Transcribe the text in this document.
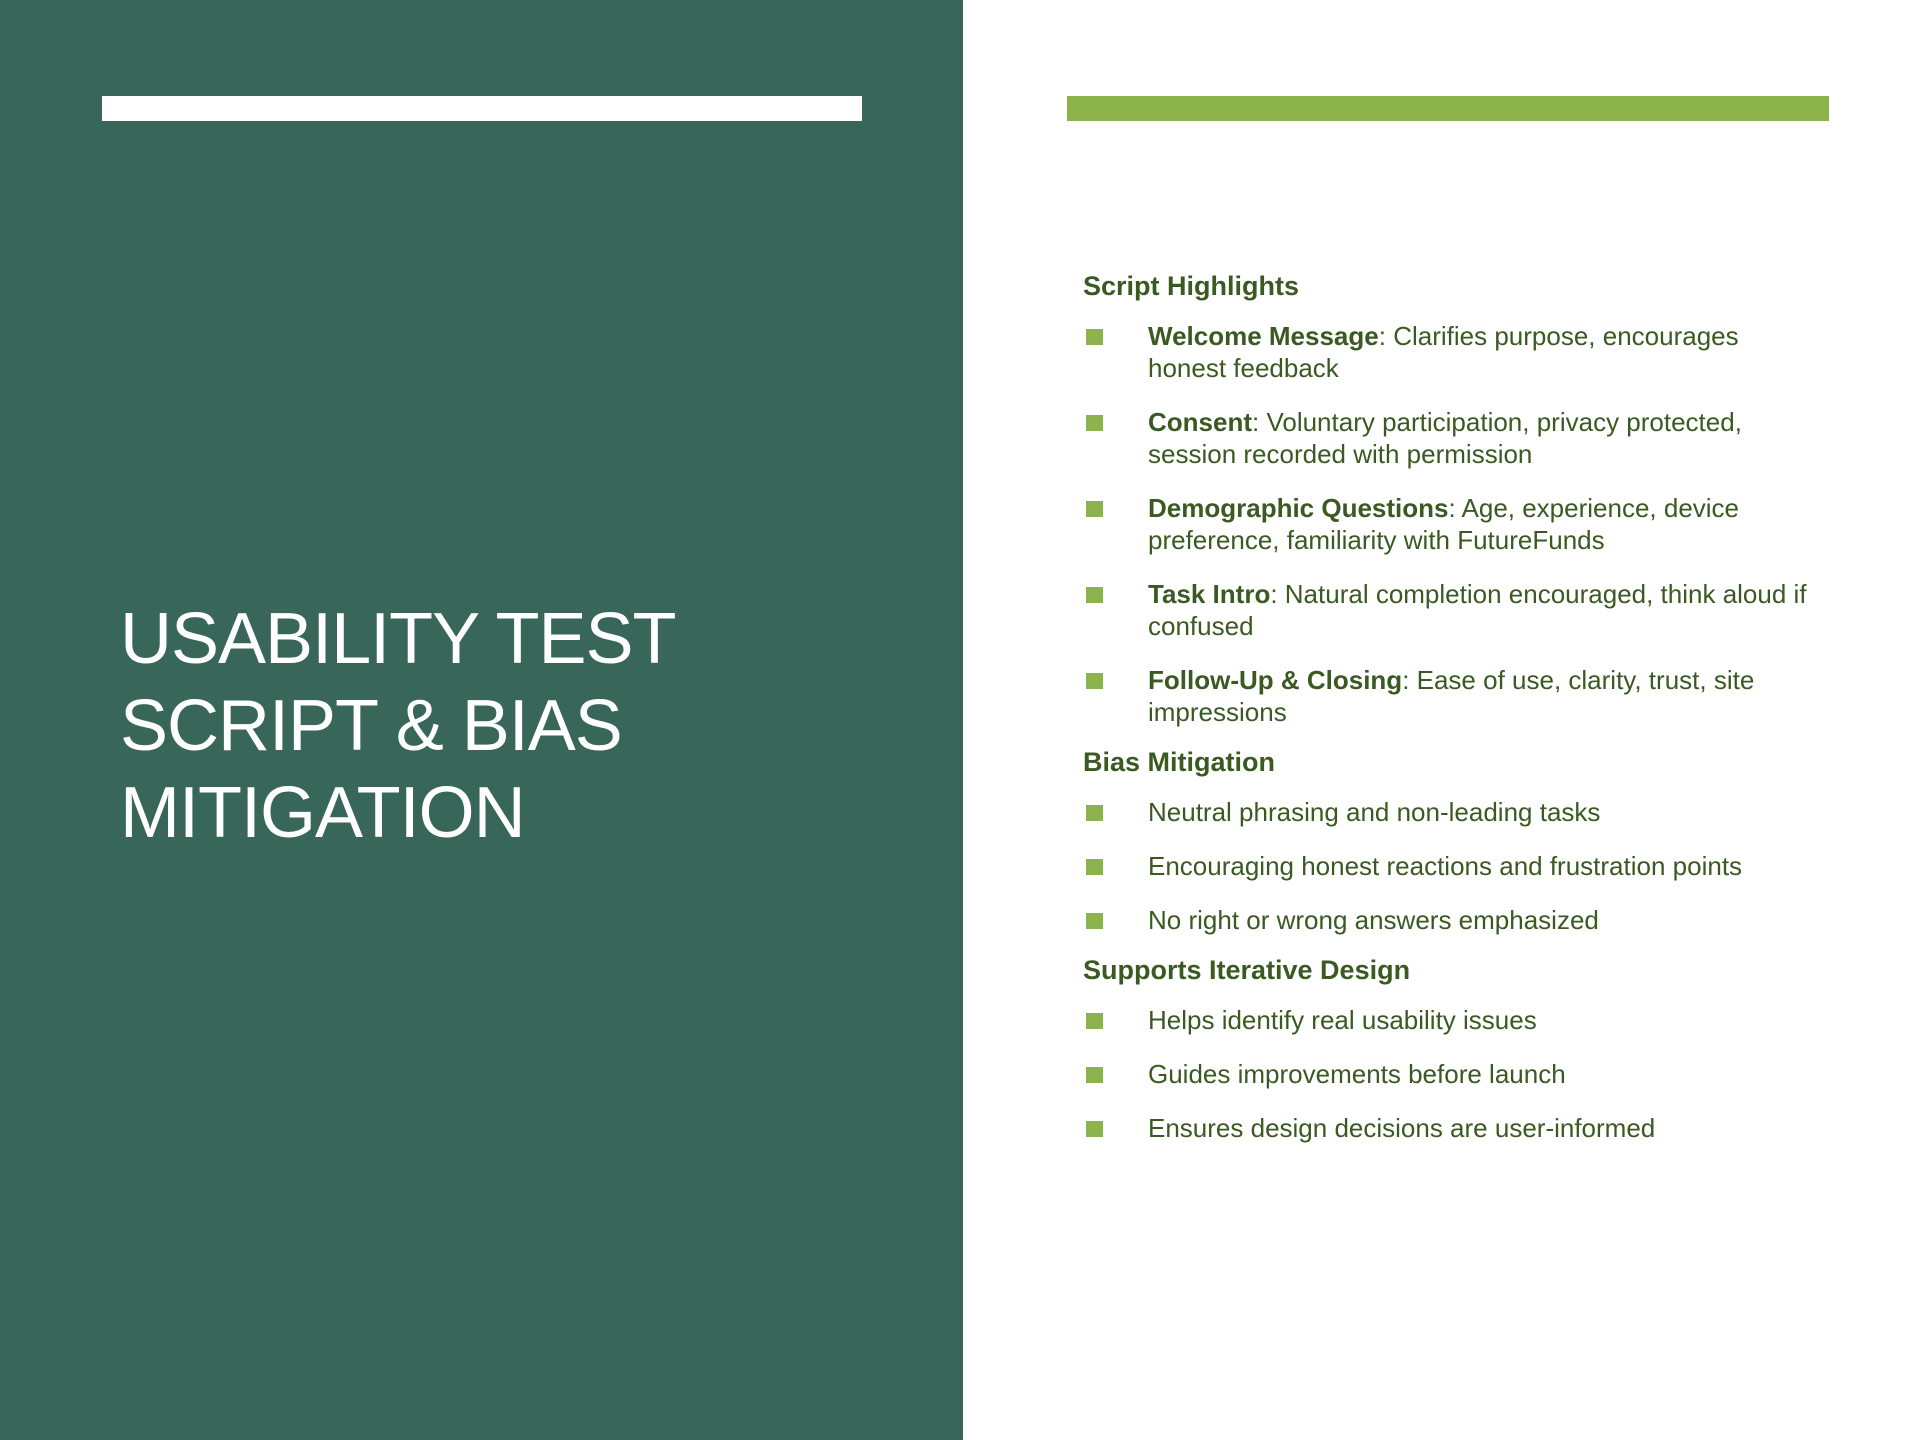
USABILITY TEST
SCRIPT & BIAS
MITIGATION
Script Highlights
Welcome Message: Clarifies purpose, encourages honest feedback
Consent: Voluntary participation, privacy protected, session recorded with permission
Demographic Questions: Age, experience, device preference, familiarity with FutureFunds
Task Intro: Natural completion encouraged, think aloud if confused
Follow-Up & Closing: Ease of use, clarity, trust, site impressions
Bias Mitigation
Neutral phrasing and non-leading tasks
Encouraging honest reactions and frustration points
No right or wrong answers emphasized
Supports Iterative Design
Helps identify real usability issues
Guides improvements before launch
Ensures design decisions are user-informed
